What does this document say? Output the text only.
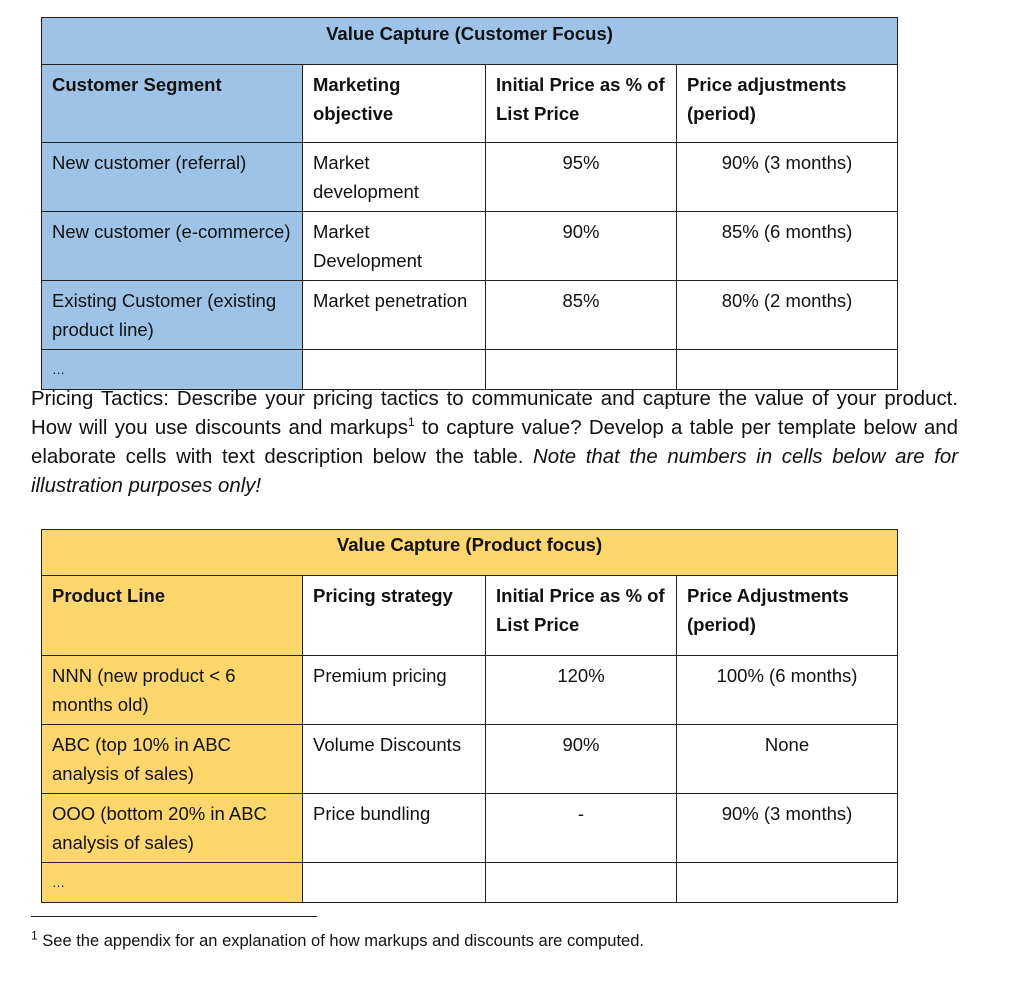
Value Capture (Customer Focus)			
Customer Segment	Marketing objective	Initial Price as % of List Price	Price adjustments (period)
New customer (referral)	Market development	95%	90% (3 months)
New customer (e-commerce)	Market Development	90%	85% (6 months)
Existing Customer (existing product line)	Market penetration	85%	80% (2 months)
…			

Pricing Tactics: Describe your pricing tactics to communicate and capture the value of your product. How will you use discounts and markups$^1$ to capture value? Develop a table per template below and elaborate cells with text description below the table. Note that the numbers in cells below are for illustration purposes only!

Value Capture (Product focus)			
Product Line	Pricing strategy	Initial Price as % of List Price	Price Adjustments (period)
NNN (new product < 6 months old)	Premium pricing	120%	100% (6 months)
ABC (top 10% in ABC analysis of sales)	Volume Discounts	90%	None
OOO (bottom 20% in ABC analysis of sales)	Price bundling	-	90% (3 months)
…			

$^1$ See the appendix for an explanation of how markups and discounts are computed.
